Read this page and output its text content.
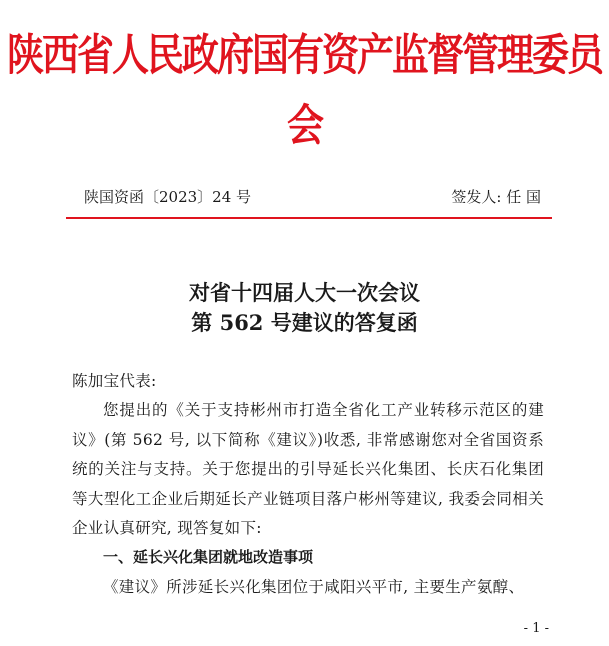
陕西省人民政府国有资产监督管理委员会
陕国资函〔2023〕24 号	签发人: 任 国
对省十四届人大一次会议
第 562 号建议的答复函
陈加宝代表:
您提出的《关于支持彬州市打造全省化工产业转移示范区的建议》(第 562 号, 以下简称《建议》)收悉, 非常感谢您对全省国资系统的关注与支持。关于您提出的引导延长兴化集团、长庆石化集团等大型化工企业后期延长产业链项目落户彬州等建议, 我委会同相关企业认真研究, 现答复如下:
一、延长兴化集团就地改造事项
《建议》所涉延长兴化集团位于咸阳兴平市, 主要生产氨醇、
- 1 -
